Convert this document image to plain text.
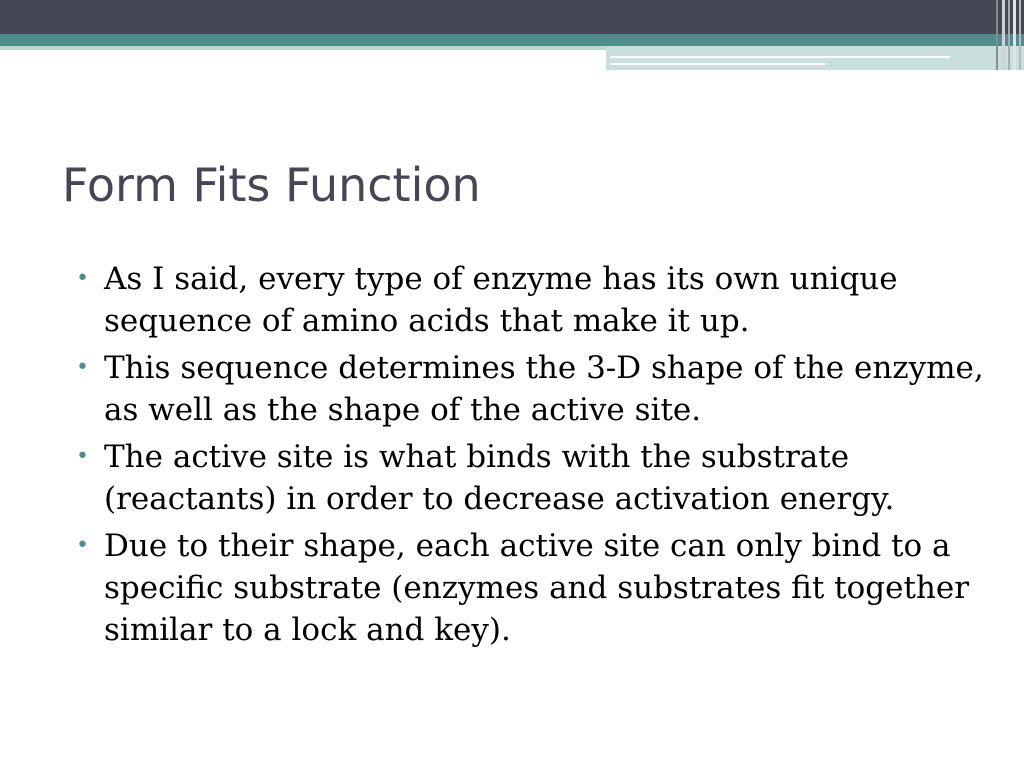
Form Fits Function
• As I said, every type of enzyme has its own unique sequence of amino acids that make it up.
• This sequence determines the 3-D shape of the enzyme, as well as the shape of the active site.
• The active site is what binds with the substrate (reactants) in order to decrease activation energy.
• Due to their shape, each active site can only bind to a specific substrate (enzymes and substrates fit together similar to a lock and key).
